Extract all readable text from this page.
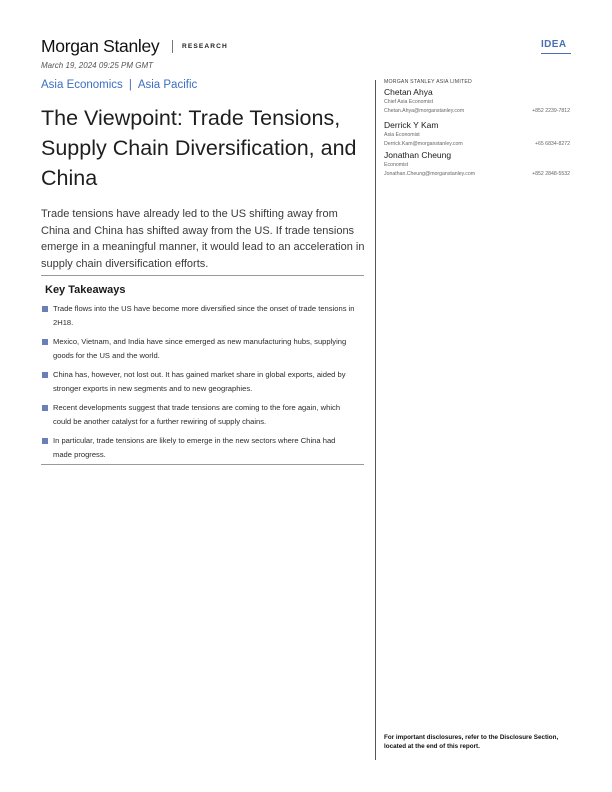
Morgan Stanley	RESEARCH	IDEA
March 19, 2024 09:25 PM GMT
Asia Economics | Asia Pacific
The Viewpoint: Trade Tensions, Supply Chain Diversification, and China

Trade tensions have already led to the US shifting away from China and China has shifted away from the US. If trade tensions emerge in a meaningful manner, it would lead to an acceleration in supply chain diversification efforts.

Key Takeaways
Trade flows into the US have become more diversified since the onset of trade tensions in 2H18.
Mexico, Vietnam, and India have since emerged as new manufacturing hubs, supplying goods for the US and the world.
China has, however, not lost out. It has gained market share in global exports, aided by stronger exports in new segments and to new geographies.
Recent developments suggest that trade tensions are coming to the fore again, which could be another catalyst for a further rewiring of supply chains.
In particular, trade tensions are likely to emerge in the new sectors where China had made progress.
MORGAN STANLEY ASIA LIMITED
Chetan Ahya
Chief Asia Economist
Chetan.Ahya@morganstanley.com	+852 2239-7812
Derrick Y Kam
Asia Economist
Derrick.Kam@morganstanley.com	+65 6834-8272
Jonathan Cheung
Economist
Jonathan.Cheung@morganstanley.com	+852 2848-5532
For important disclosures, refer to the Disclosure Section, located at the end of this report.
